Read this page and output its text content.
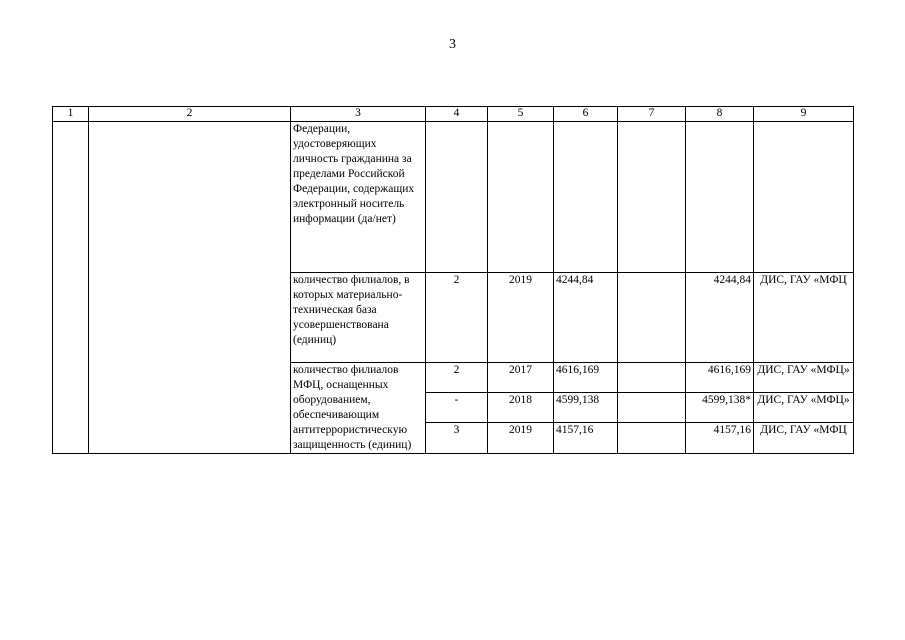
3
1	2	3	4	5	6	7	8	9
		Федерации, удостоверяющих личность гражданина за пределами Российской Федерации, содержащих электронный носитель информации (да/нет)						
		количество филиалов, в которых материально-техническая база усовершенствована (единиц)	2	2019	4244,84		4244,84	ДИС, ГАУ «МФЦ
		количество филиалов МФЦ, оснащенных оборудованием, обеспечивающим антитеррористическую защищенность (единиц)	2	2017	4616,169		4616,169	ДИС, ГАУ «МФЦ»
			-	2018	4599,138		4599,138*	ДИС, ГАУ «МФЦ»
			3	2019	4157,16		4157,16	ДИС, ГАУ «МФЦ
